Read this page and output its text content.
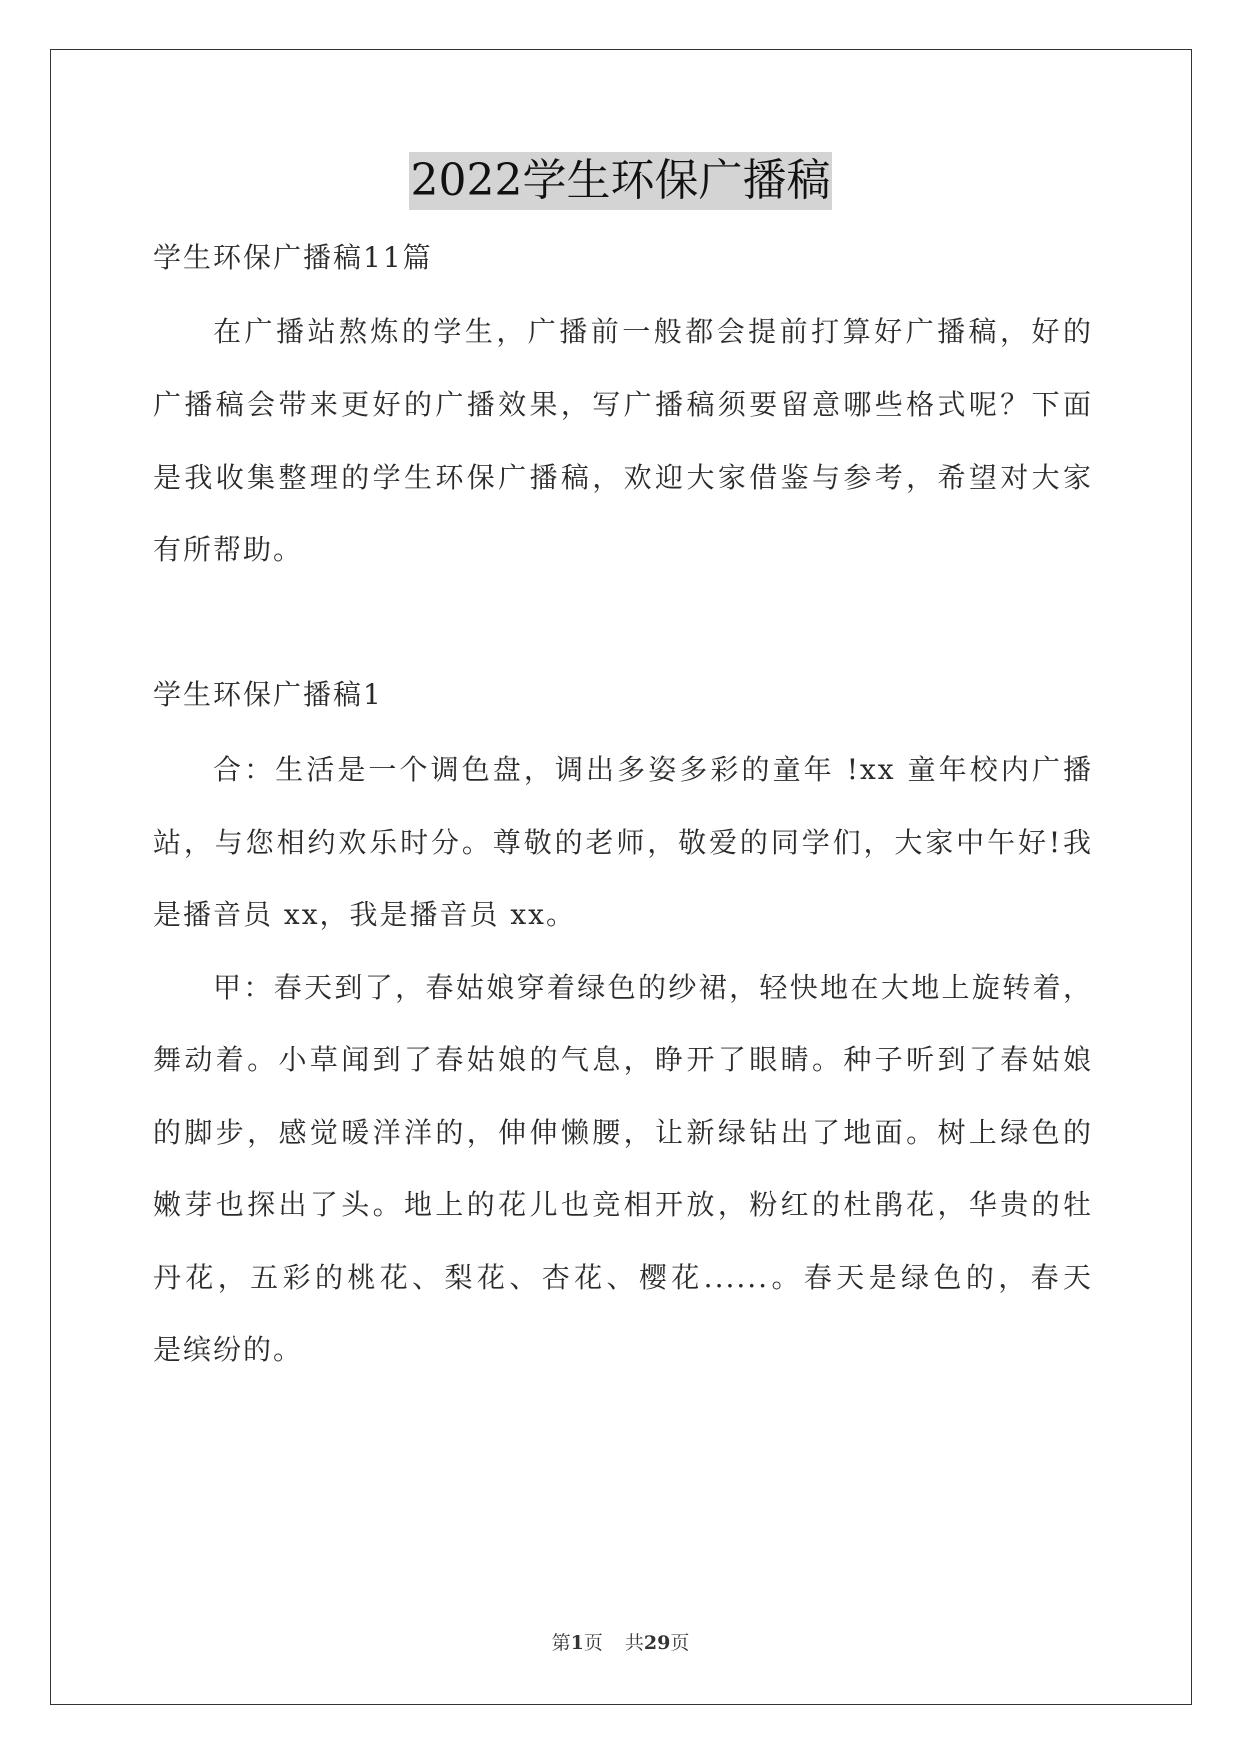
2022学生环保广播稿
学生环保广播稿11篇
在广播站熬炼的学生，广播前一般都会提前打算好广播稿，好的
广播稿会带来更好的广播效果，写广播稿须要留意哪些格式呢？下面
是我收集整理的学生环保广播稿，欢迎大家借鉴与参考，希望对大家
有所帮助。
学生环保广播稿1
合：生活是一个调色盘，调出多姿多彩的童年 !xx 童年校内广播
站，与您相约欢乐时分。尊敬的老师，敬爱的同学们，大家中午好!我
是播音员 xx，我是播音员 xx。
甲：春天到了，春姑娘穿着绿色的纱裙，轻快地在大地上旋转着，
舞动着。小草闻到了春姑娘的气息，睁开了眼睛。种子听到了春姑娘
的脚步，感觉暖洋洋的，伸伸懒腰，让新绿钻出了地面。树上绿色的
嫩芽也探出了头。地上的花儿也竞相开放，粉红的杜鹃花，华贵的牡
丹花，五彩的桃花、梨花、杏花、樱花......。春天是绿色的，春天
是缤纷的。
第1页 共29页
